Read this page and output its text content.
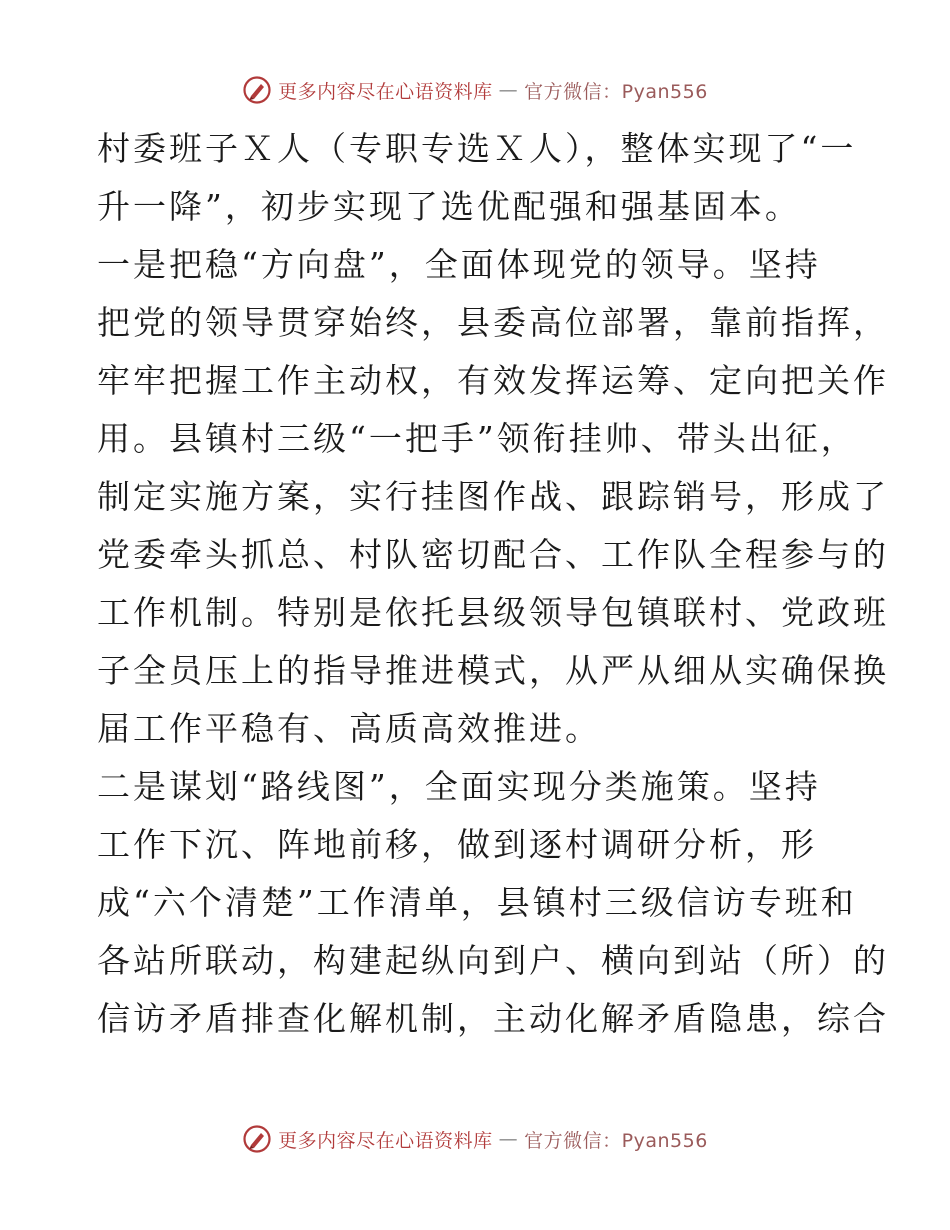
更多内容尽在心语资料库 — 官方微信：Pyan556
村委班子Ｘ人（专职专选Ｘ人），整体实现了“一
升一降”，初步实现了选优配强和强基固本。
一是把稳“方向盘”，全面体现党的领导。坚持
把党的领导贯穿始终，县委高位部署，靠前指挥，
牢牢把握工作主动权，有效发挥运筹、定向把关作
用。县镇村三级“一把手”领衔挂帅、带头出征，
制定实施方案，实行挂图作战、跟踪销号，形成了
党委牵头抓总、村队密切配合、工作队全程参与的
工作机制。特别是依托县级领导包镇联村、党政班
子全员压上的指导推进模式，从严从细从实确保换
届工作平稳有、高质高效推进。
二是谋划“路线图”，全面实现分类施策。坚持
工作下沉、阵地前移，做到逐村调研分析，形
成“六个清楚”工作清单，县镇村三级信访专班和
各站所联动，构建起纵向到户、横向到站（所）的
信访矛盾排查化解机制，主动化解矛盾隐患，综合
更多内容尽在心语资料库 — 官方微信：Pyan556
